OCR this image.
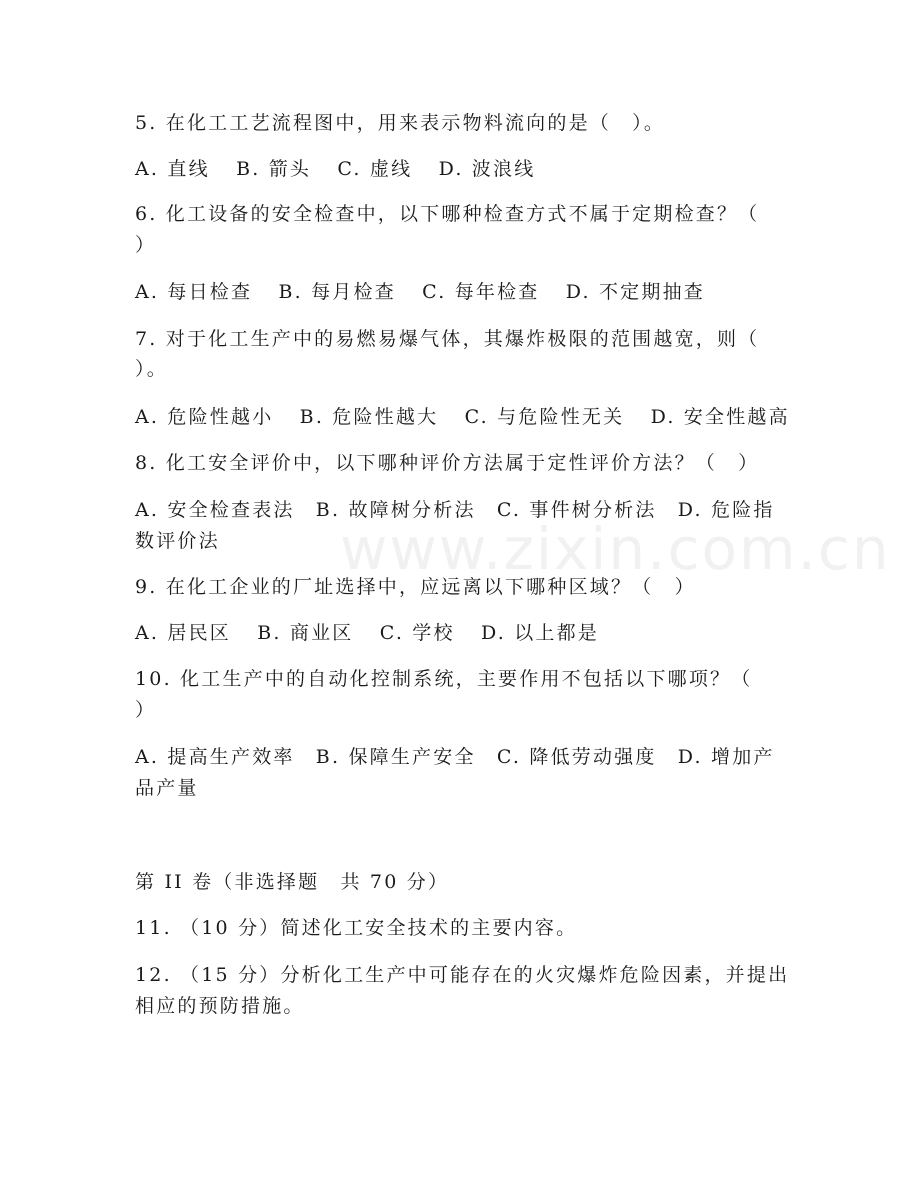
www.zixin.com.cn
5. 在化工工艺流程图中，用来表示物料流向的是（　）。
A. 直线 B. 箭头 C. 虚线 D. 波浪线
6. 化工设备的安全检查中，以下哪种检查方式不属于定期检查？（
）
A. 每日检查 B. 每月检查 C. 每年检查 D. 不定期抽查
7. 对于化工生产中的易燃易爆气体，其爆炸极限的范围越宽，则（
）。
A. 危险性越小 B. 危险性越大 C. 与危险性无关 D. 安全性越高
8. 化工安全评价中，以下哪种评价方法属于定性评价方法？（　）
A. 安全检查表法　B. 故障树分析法　C. 事件树分析法　D. 危险指
数评价法
9. 在化工企业的厂址选择中，应远离以下哪种区域？（　）
A. 居民区 B. 商业区 C. 学校 D. 以上都是
10. 化工生产中的自动化控制系统，主要作用不包括以下哪项？（
）
A. 提高生产效率　B. 保障生产安全　C. 降低劳动强度　D. 增加产
品产量
第 II 卷（非选择题　共 70 分）
11. （10 分）简述化工安全技术的主要内容。
12. （15 分）分析化工生产中可能存在的火灾爆炸危险因素，并提出
相应的预防措施。
